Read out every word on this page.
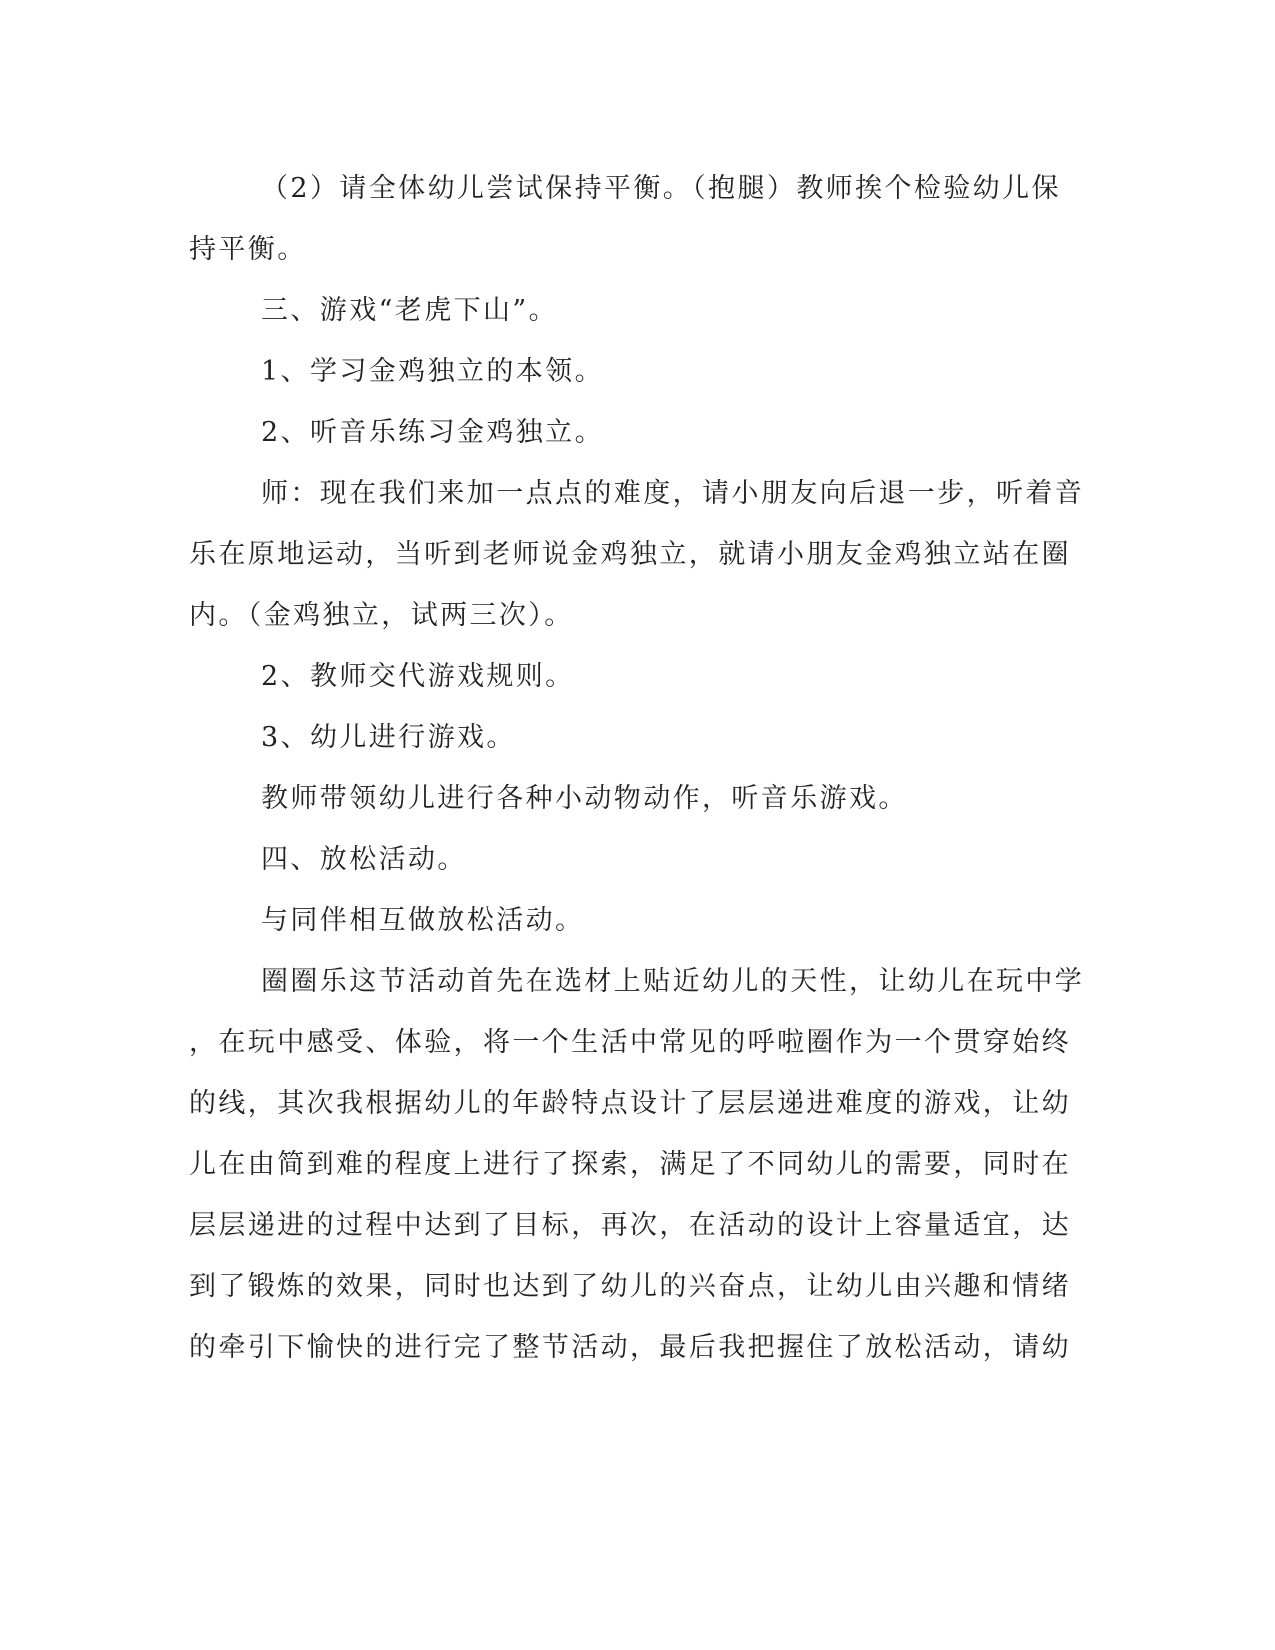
（2）请全体幼儿尝试保持平衡。（抱腿）教师挨个检验幼儿保
持平衡。
三、游戏“老虎下山”。
1、学习金鸡独立的本领。
2、听音乐练习金鸡独立。
师：现在我们来加一点点的难度，请小朋友向后退一步，听着音
乐在原地运动，当听到老师说金鸡独立，就请小朋友金鸡独立站在圈
内。（金鸡独立，试两三次）。
2、教师交代游戏规则。
3、幼儿进行游戏。
教师带领幼儿进行各种小动物动作，听音乐游戏。
四、放松活动。
与同伴相互做放松活动。
圈圈乐这节活动首先在选材上贴近幼儿的天性，让幼儿在玩中学
，在玩中感受、体验，将一个生活中常见的呼啦圈作为一个贯穿始终
的线，其次我根据幼儿的年龄特点设计了层层递进难度的游戏，让幼
儿在由简到难的程度上进行了探索，满足了不同幼儿的需要，同时在
层层递进的过程中达到了目标，再次，在活动的设计上容量适宜，达
到了锻炼的效果，同时也达到了幼儿的兴奋点，让幼儿由兴趣和情绪
的牵引下愉快的进行完了整节活动，最后我把握住了放松活动，请幼
